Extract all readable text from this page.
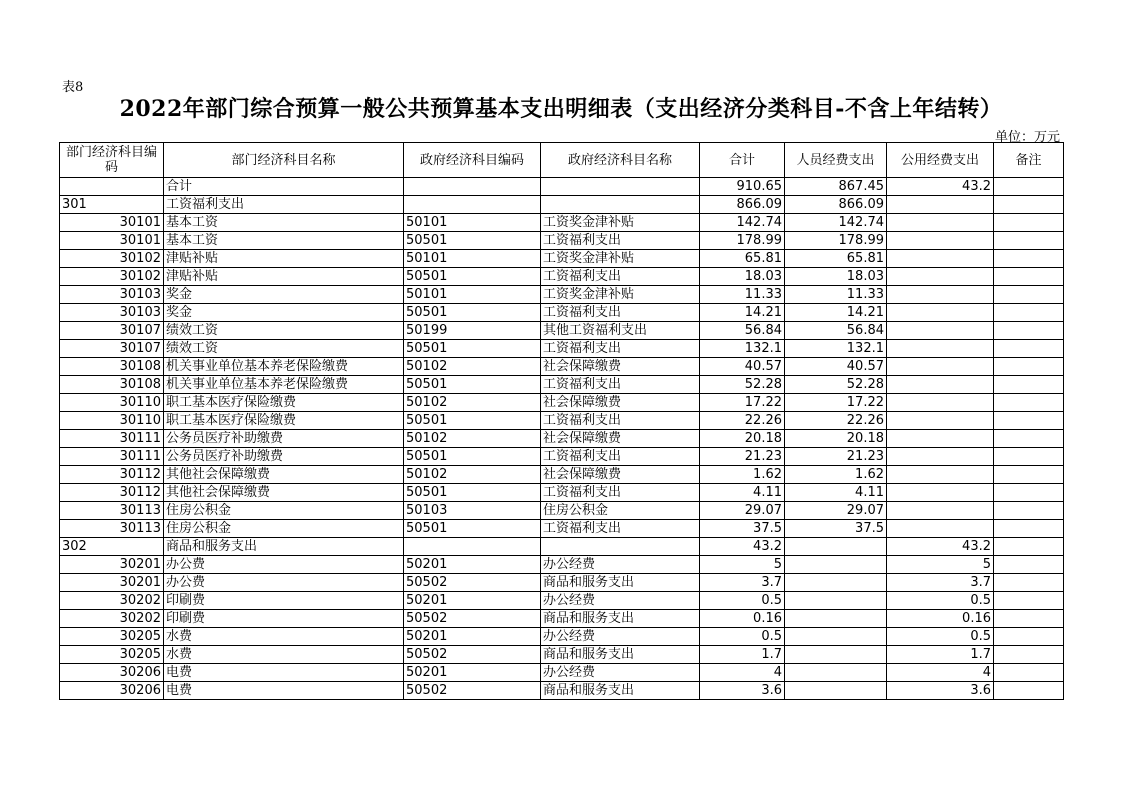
表8
2022年部门综合预算一般公共预算基本支出明细表（支出经济分类科目-不含上年结转）
单位：万元
部门经济科目编码	部门经济科目名称	政府经济科目编码	政府经济科目名称	合计	人员经费支出	公用经费支出	备注
	合计			910.65	867.45	43.2	
301	工资福利支出			866.09	866.09		
30101	基本工资	50101	工资奖金津补贴	142.74	142.74		
30101	基本工资	50501	工资福利支出	178.99	178.99		
30102	津贴补贴	50101	工资奖金津补贴	65.81	65.81		
30102	津贴补贴	50501	工资福利支出	18.03	18.03		
30103	奖金	50101	工资奖金津补贴	11.33	11.33		
30103	奖金	50501	工资福利支出	14.21	14.21		
30107	绩效工资	50199	其他工资福利支出	56.84	56.84		
30107	绩效工资	50501	工资福利支出	132.1	132.1		
30108	机关事业单位基本养老保险缴费	50102	社会保障缴费	40.57	40.57		
30108	机关事业单位基本养老保险缴费	50501	工资福利支出	52.28	52.28		
30110	职工基本医疗保险缴费	50102	社会保障缴费	17.22	17.22		
30110	职工基本医疗保险缴费	50501	工资福利支出	22.26	22.26		
30111	公务员医疗补助缴费	50102	社会保障缴费	20.18	20.18		
30111	公务员医疗补助缴费	50501	工资福利支出	21.23	21.23		
30112	其他社会保障缴费	50102	社会保障缴费	1.62	1.62		
30112	其他社会保障缴费	50501	工资福利支出	4.11	4.11		
30113	住房公积金	50103	住房公积金	29.07	29.07		
30113	住房公积金	50501	工资福利支出	37.5	37.5		
302	商品和服务支出			43.2		43.2	
30201	办公费	50201	办公经费	5		5	
30201	办公费	50502	商品和服务支出	3.7		3.7	
30202	印刷费	50201	办公经费	0.5		0.5	
30202	印刷费	50502	商品和服务支出	0.16		0.16	
30205	水费	50201	办公经费	0.5		0.5	
30205	水费	50502	商品和服务支出	1.7		1.7	
30206	电费	50201	办公经费	4		4	
30206	电费	50502	商品和服务支出	3.6		3.6	
